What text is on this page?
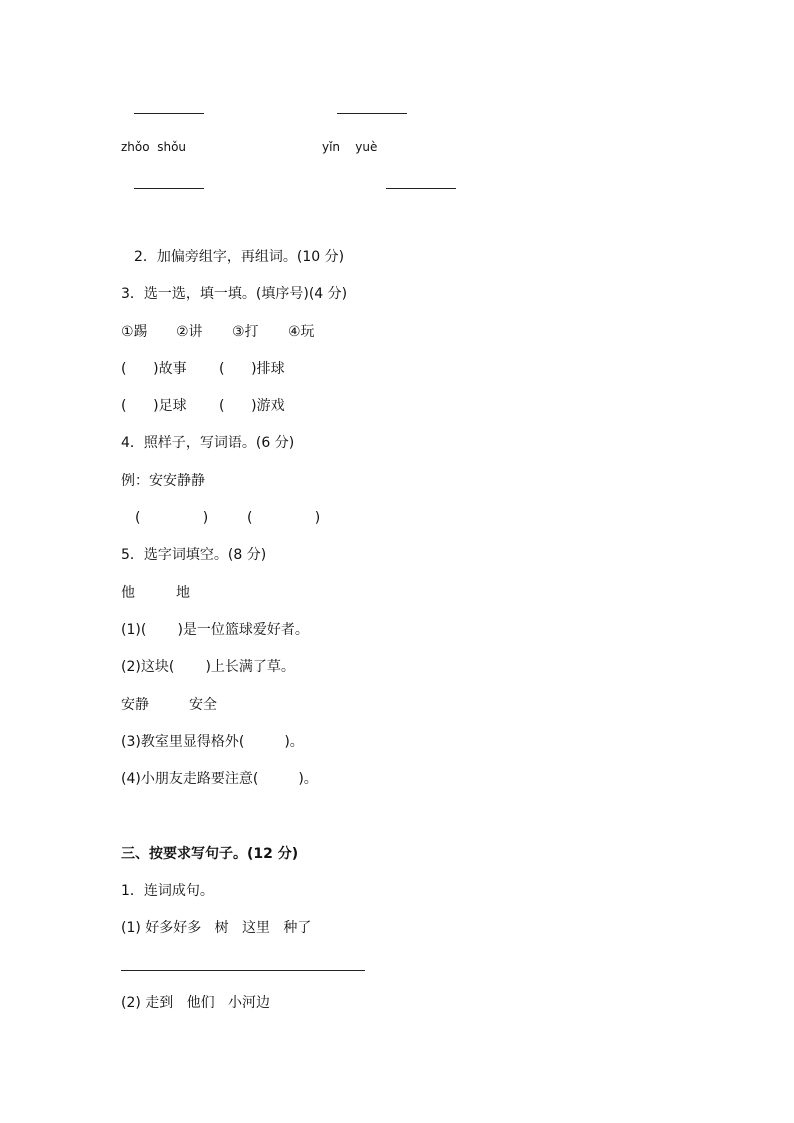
zhǒo  shǒu	yǐn    yuè
2．加偏旁组字，再组词。(10 分)
3．选一选，填一填。(填序号)(4 分)
①踢 ②讲 ③打 ④玩
(      )故事 (      )排球
(      )足球 (      )游戏
4．照样子，写词语。(6 分)
例：安安静静
(              )	(              )
5．选字词填空。(8 分)
他	地
(1)(       )是一位篮球爱好者。
(2)这块(       )上长满了草。
安静	安全
(3)教室里显得格外(         )。
(4)小朋友走路要注意(         )。
三、按要求写句子。(12 分)
1．连词成句。
(1) 好多好多   树   这里   种了
(2) 走到   他们   小河边
